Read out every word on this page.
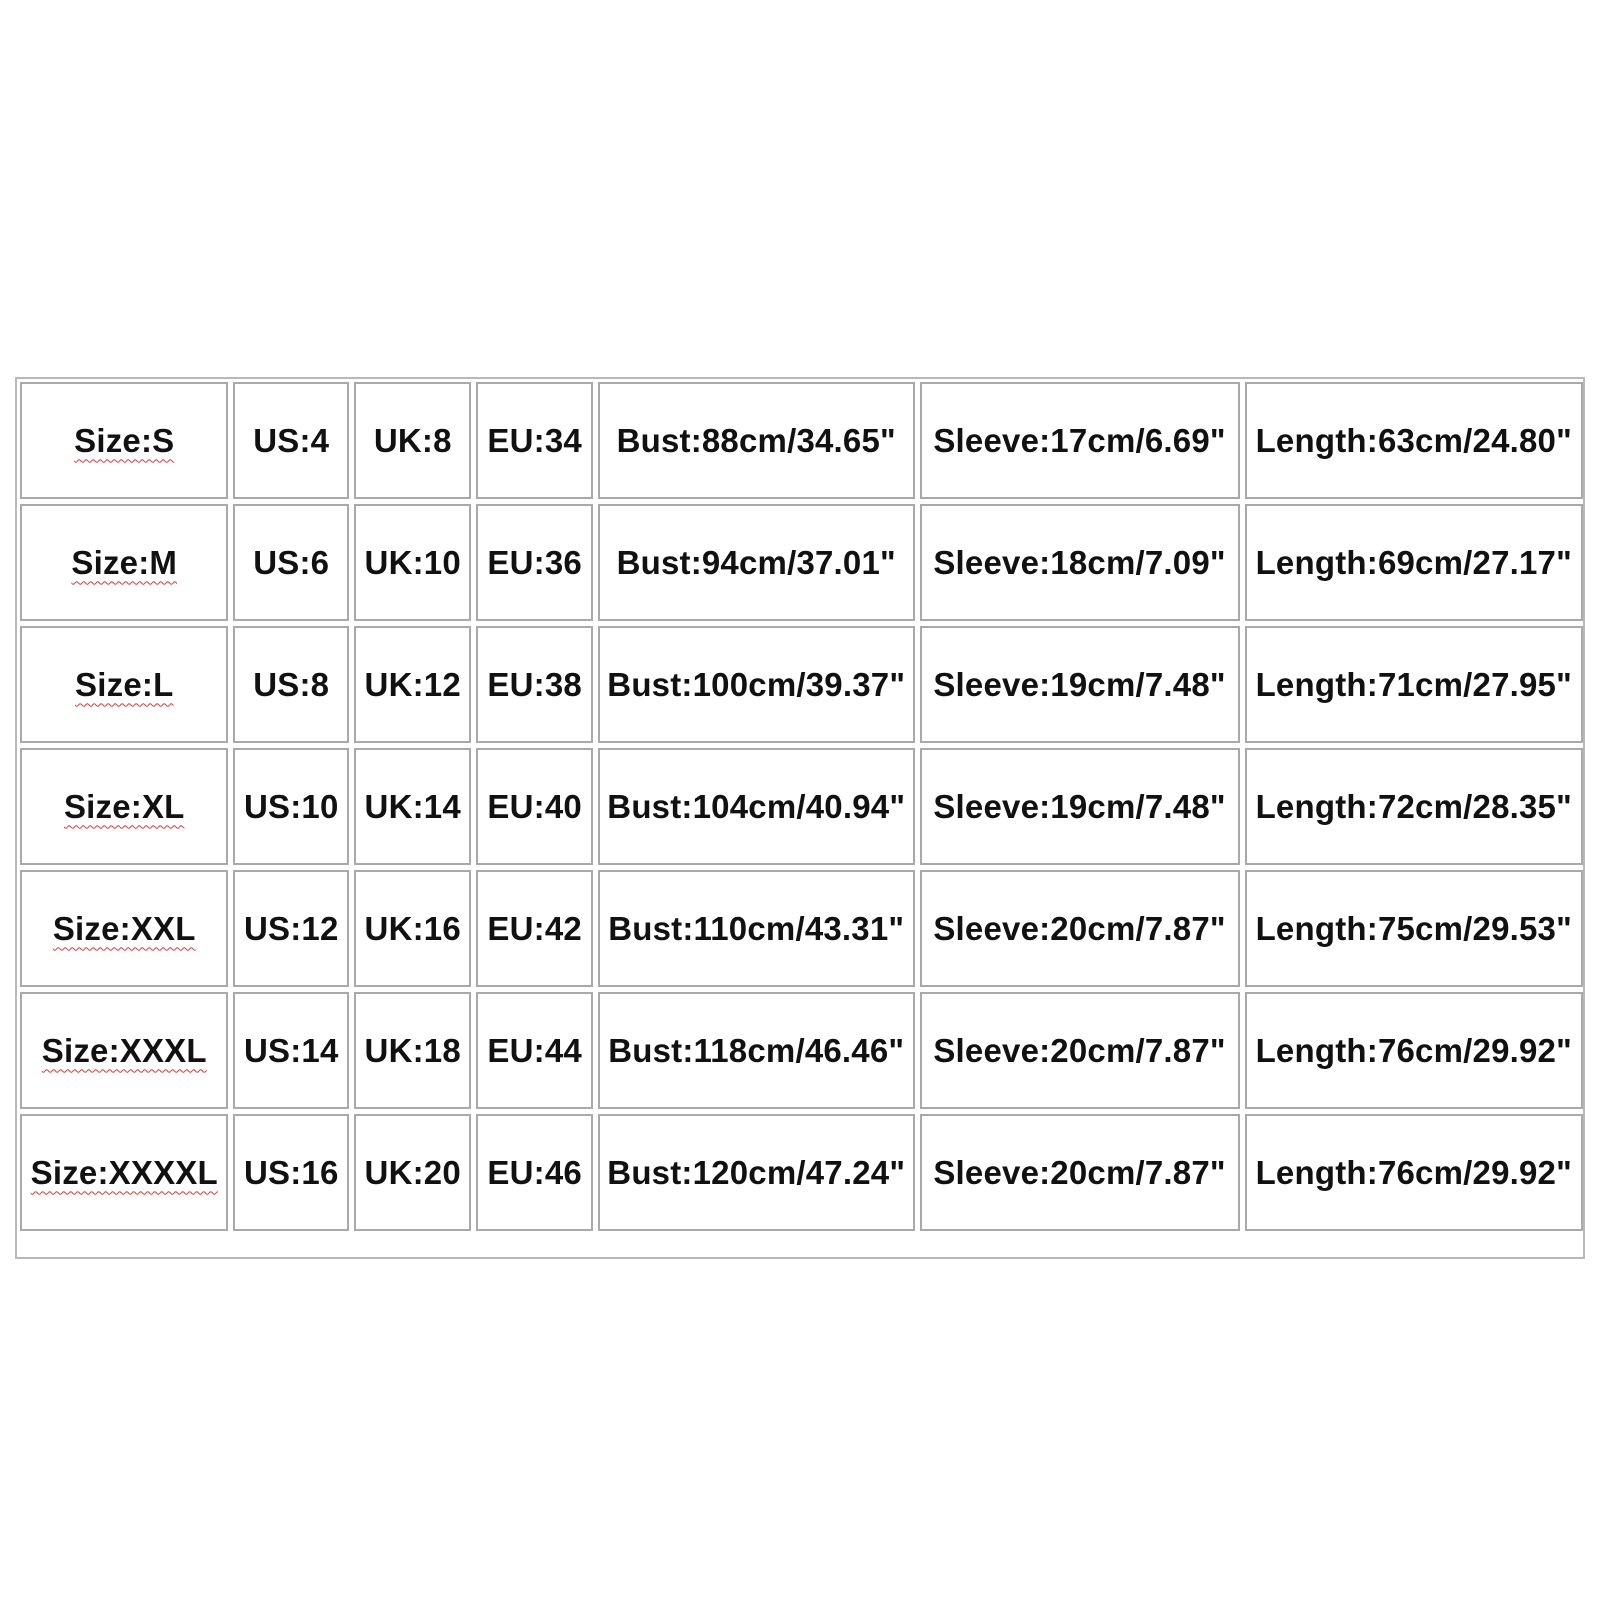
Size:S	US:4	UK:8	EU:34	Bust:88cm/34.65"	Sleeve:17cm/6.69"	Length:63cm/24.80"
Size:M	US:6	UK:10	EU:36	Bust:94cm/37.01"	Sleeve:18cm/7.09"	Length:69cm/27.17"
Size:L	US:8	UK:12	EU:38	Bust:100cm/39.37"	Sleeve:19cm/7.48"	Length:71cm/27.95"
Size:XL	US:10	UK:14	EU:40	Bust:104cm/40.94"	Sleeve:19cm/7.48"	Length:72cm/28.35"
Size:XXL	US:12	UK:16	EU:42	Bust:110cm/43.31"	Sleeve:20cm/7.87"	Length:75cm/29.53"
Size:XXXL	US:14	UK:18	EU:44	Bust:118cm/46.46"	Sleeve:20cm/7.87"	Length:76cm/29.92"
Size:XXXXL	US:16	UK:20	EU:46	Bust:120cm/47.24"	Sleeve:20cm/7.87"	Length:76cm/29.92"
